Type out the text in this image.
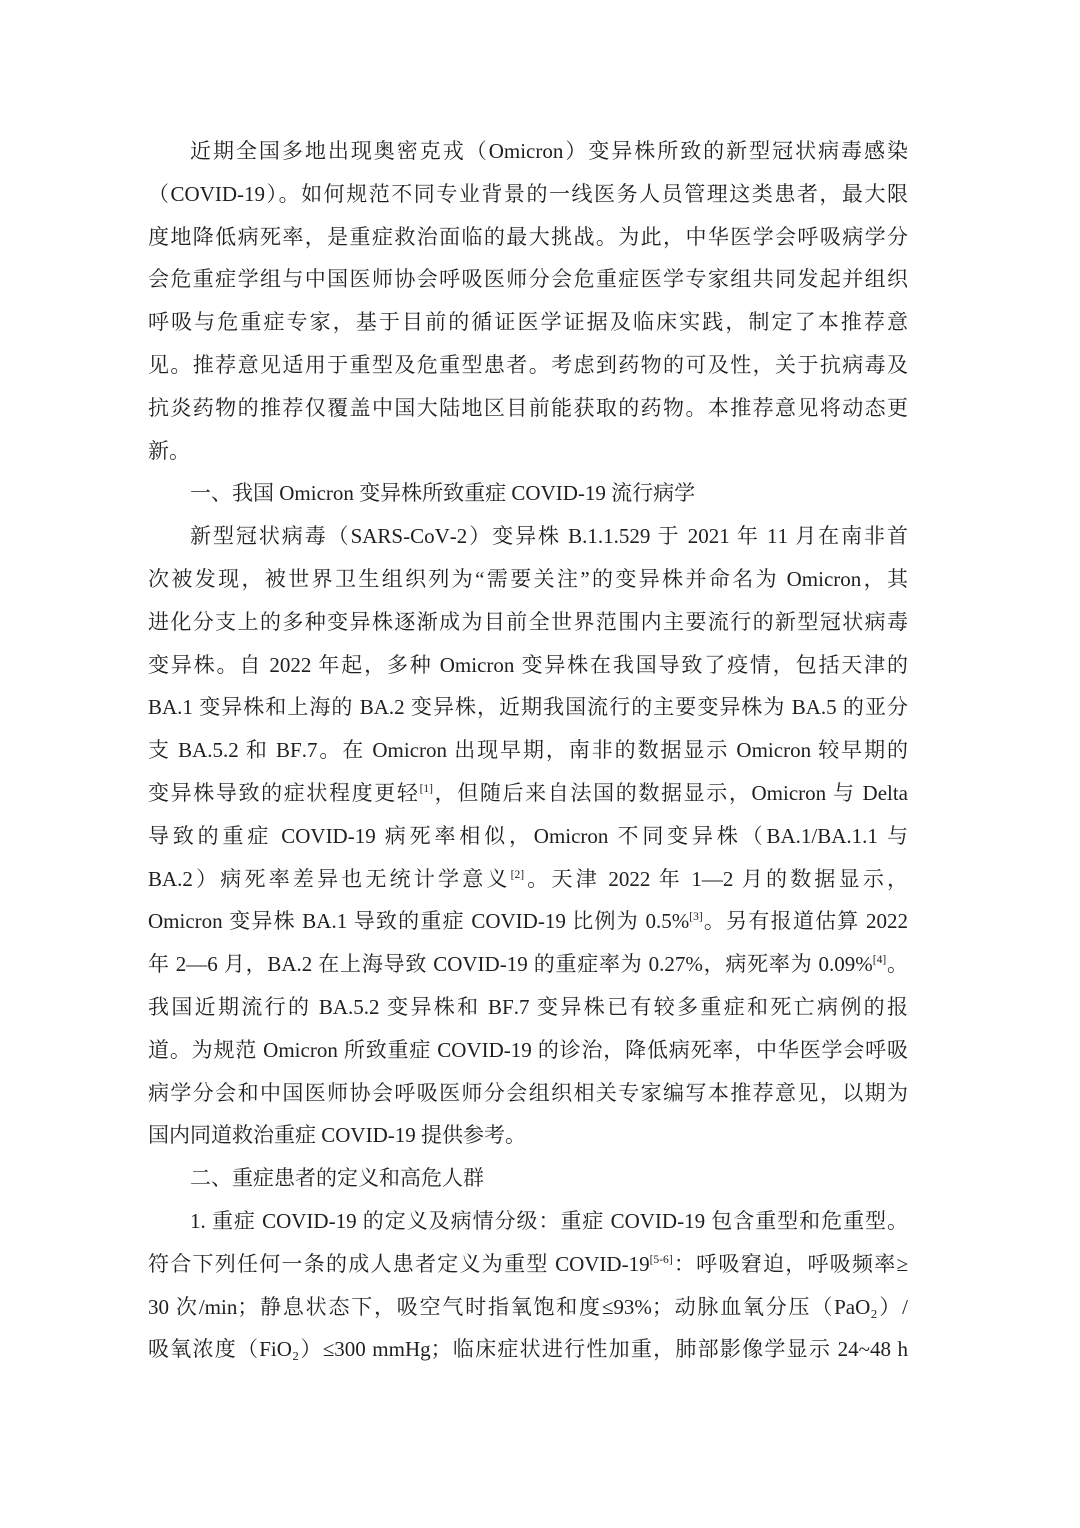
近期全国多地出现奥密克戎（Omicron）变异株所致的新型冠状病毒感染
（COVID-19）。如何规范不同专业背景的一线医务人员管理这类患者，最大限
度地降低病死率，是重症救治面临的最大挑战。为此，中华医学会呼吸病学分
会危重症学组与中国医师协会呼吸医师分会危重症医学专家组共同发起并组织
呼吸与危重症专家，基于目前的循证医学证据及临床实践，制定了本推荐意
见。推荐意见适用于重型及危重型患者。考虑到药物的可及性，关于抗病毒及
抗炎药物的推荐仅覆盖中国大陆地区目前能获取的药物。本推荐意见将动态更
新。
一、我国 Omicron 变异株所致重症 COVID-19 流行病学
新型冠状病毒（SARS-CoV-2）变异株 B.1.1.529 于 2021 年 11 月在南非首
次被发现，被世界卫生组织列为“需要关注”的变异株并命名为 Omicron，其
进化分支上的多种变异株逐渐成为目前全世界范围内主要流行的新型冠状病毒
变异株。自 2022 年起，多种 Omicron 变异株在我国导致了疫情，包括天津的
BA.1 变异株和上海的 BA.2 变异株，近期我国流行的主要变异株为 BA.5 的亚分
支 BA.5.2 和 BF.7。在 Omicron 出现早期，南非的数据显示 Omicron 较早期的
变异株导致的症状程度更轻[1]，但随后来自法国的数据显示，Omicron 与 Delta
导致的重症 COVID-19 病死率相似，Omicron 不同变异株（BA.1/BA.1.1 与
BA.2）病死率差异也无统计学意义[2]。天津 2022 年 1—2 月的数据显示，
Omicron 变异株 BA.1 导致的重症 COVID-19 比例为 0.5%[3]。另有报道估算 2022
年 2—6 月，BA.2 在上海导致 COVID-19 的重症率为 0.27%，病死率为 0.09%[4]。
我国近期流行的 BA.5.2 变异株和 BF.7 变异株已有较多重症和死亡病例的报
道。为规范 Omicron 所致重症 COVID-19 的诊治，降低病死率，中华医学会呼吸
病学分会和中国医师协会呼吸医师分会组织相关专家编写本推荐意见，以期为
国内同道救治重症 COVID-19 提供参考。
二、重症患者的定义和高危人群
1. 重症 COVID-19 的定义及病情分级：重症 COVID-19 包含重型和危重型。
符合下列任何一条的成人患者定义为重型 COVID-19[5-6]：呼吸窘迫，呼吸频率≥
30 次/min；静息状态下，吸空气时指氧饱和度≤93%；动脉血氧分压（PaO₂）/
吸氧浓度（FiO₂）≤300 mmHg；临床症状进行性加重，肺部影像学显示 24~48 h
